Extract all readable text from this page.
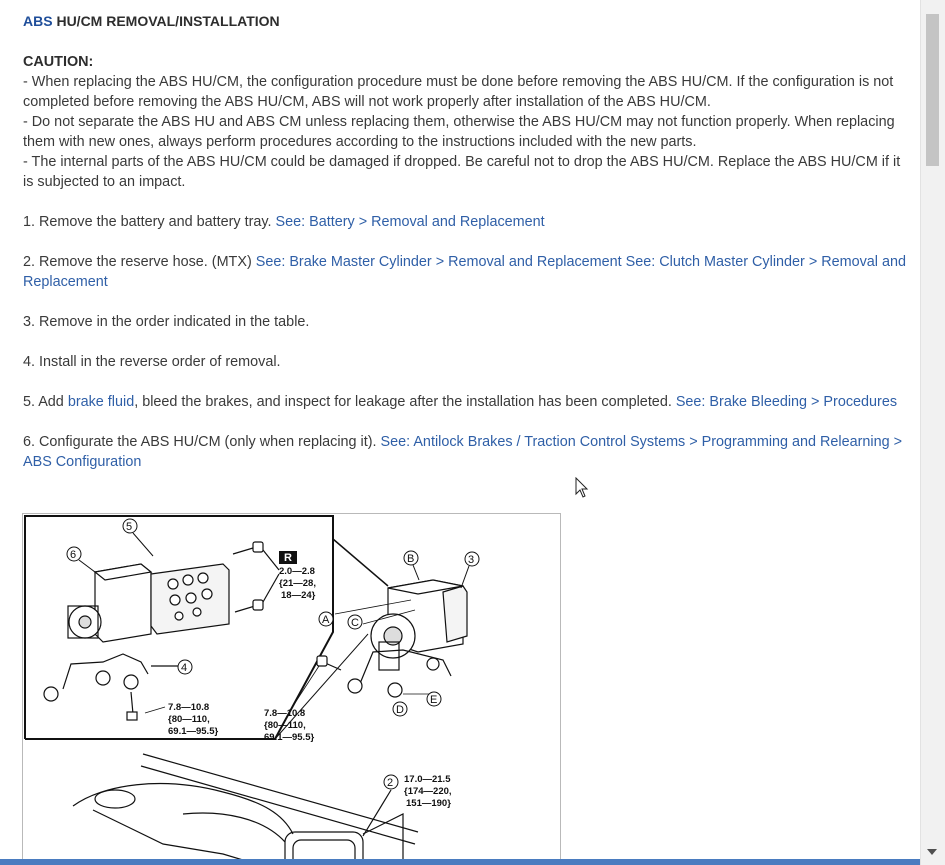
ABS HU/CM REMOVAL/INSTALLATION
CAUTION:

- When replacing the ABS HU/CM, the configuration procedure must be done before removing the ABS HU/CM. If the configuration is not completed before removing the ABS HU/CM, ABS will not work properly after installation of the ABS HU/CM.

- Do not separate the ABS HU and ABS CM unless replacing them, otherwise the ABS HU/CM may not function properly. When replacing them with new ones, always perform procedures according to the instructions included with the new parts.

- The internal parts of the ABS HU/CM could be damaged if dropped. Be careful not to drop the ABS HU/CM. Replace the ABS HU/CM if it is subjected to an impact.

1. Remove the battery and battery tray. See: Battery > Removal and Replacement
2. Remove the reserve hose. (MTX) See: Brake Master Cylinder > Removal and Replacement See: Clutch Master Cylinder > Removal and Replacement
3. Remove in the order indicated in the table.
4. Install in the reverse order of removal.
5. Add brake fluid, bleed the brakes, and inspect for leakage after the installation has been completed. See: Brake Bleeding > Procedures
6. Configurate the ABS HU/CM (only when replacing it). See: Antilock Brakes / Traction Control Systems > Programming and Relearning > ABS Configuration
5
6
4
B	3
A C
E
D
2
R
2.0—2.8
{21—28,
18—24}
7.8—10.8
{80—110,
69.1—95.5}
7.8—10.8
{80—110,
69.1—95.5}
17.0—21.5
{174—220,
151—190}
